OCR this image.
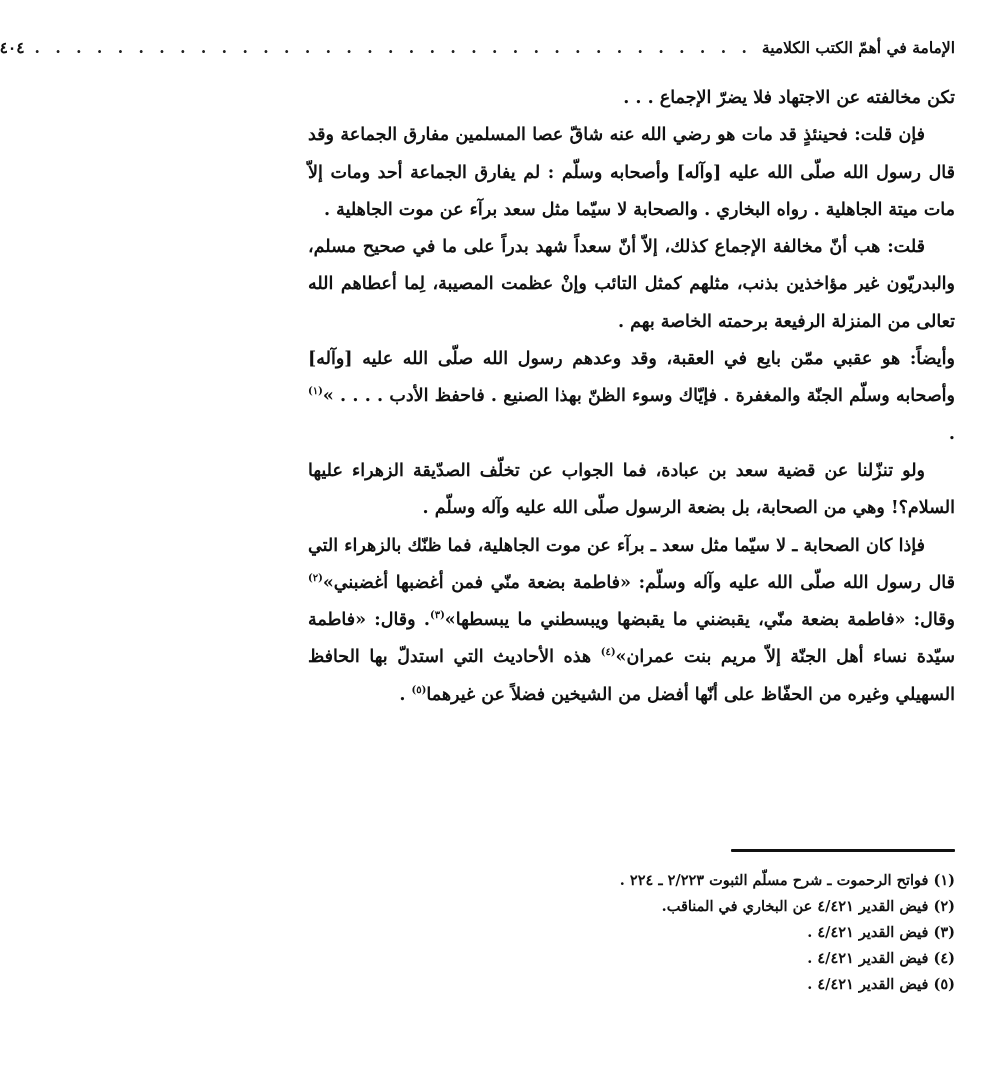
الإمامة في أهمّ الكتب الكلامية
. . . . . . . . . . . . . . . . . . . . . . . . . . . . . . . . . . .
٤٠٤

تكن مخالفته عن الاجتهاد فلا يضرّ الإجماع . . .

فإن قلت: فحينئذٍ قد مات هو رضي الله عنه شاقّ عصا المسلمين مفارق الجماعة وقد قال رسول الله صلّى الله عليه [وآله] وأصحابه وسلّم : لم يفارق الجماعة أحد ومات إلاّ مات ميتة الجاهلية . رواه البخاري . والصحابة لا سيّما مثل سعد برآء عن موت الجاهلية .

قلت: هب أنّ مخالفة الإجماع كذلك، إلاّ أنّ سعداً شهد بدراً على ما في صحيح مسلم، والبدريّون غير مؤاخذين بذنب، مثلهم كمثل التائب وإنْ عظمت المصيبة، لِما أعطاهم الله تعالى من المنزلة الرفيعة برحمته الخاصة بهم .

وأيضاً: هو عقبي ممّن بايع في العقبة، وقد وعدهم رسول الله صلّى الله عليه [وآله] وأصحابه وسلّم الجنّة والمغفرة . فإيّاك وسوء الظنّ بهذا الصنيع . فاحفظ الأدب . . . . »$^{(١)}$ .

ولو تنزّلنا عن قضية سعد بن عبادة، فما الجواب عن تخلّف الصدّيقة الزهراء عليها السلام؟! وهي من الصحابة، بل بضعة الرسول صلّى الله عليه وآله وسلّم .

فإذا كان الصحابة ـ لا سيّما مثل سعد ـ برآء عن موت الجاهلية، فما ظنّك بالزهراء التي قال رسول الله صلّى الله عليه وآله وسلّم: «فاطمة بضعة منّي فمن أغضبها أغضبني»$^{(٢)}$ وقال: «فاطمة بضعة منّي، يقبضني ما يقبضها ويبسطني ما يبسطها»$^{(٣)}$. وقال: «فاطمة سيّدة نساء أهل الجنّة إلاّ مريم بنت عمران»$^{(٤)}$ هذه الأحاديث التي استدلّ بها الحافظ السهيلي وغيره من الحفّاظ على أنّها أفضل من الشيخين فضلاً عن غيرهما$^{(٥)}$ .

(١) فواتح الرحموت ـ شرح مسلّم الثبوت ٢/٢٢٣ ـ ٢٢٤ .

(٢) فيض القدير ٤/٤٢١ عن البخاري في المناقب.

(٣) فيض القدير ٤/٤٢١ .

(٤) فيض القدير ٤/٤٢١ .

(٥) فيض القدير ٤/٤٢١ .
